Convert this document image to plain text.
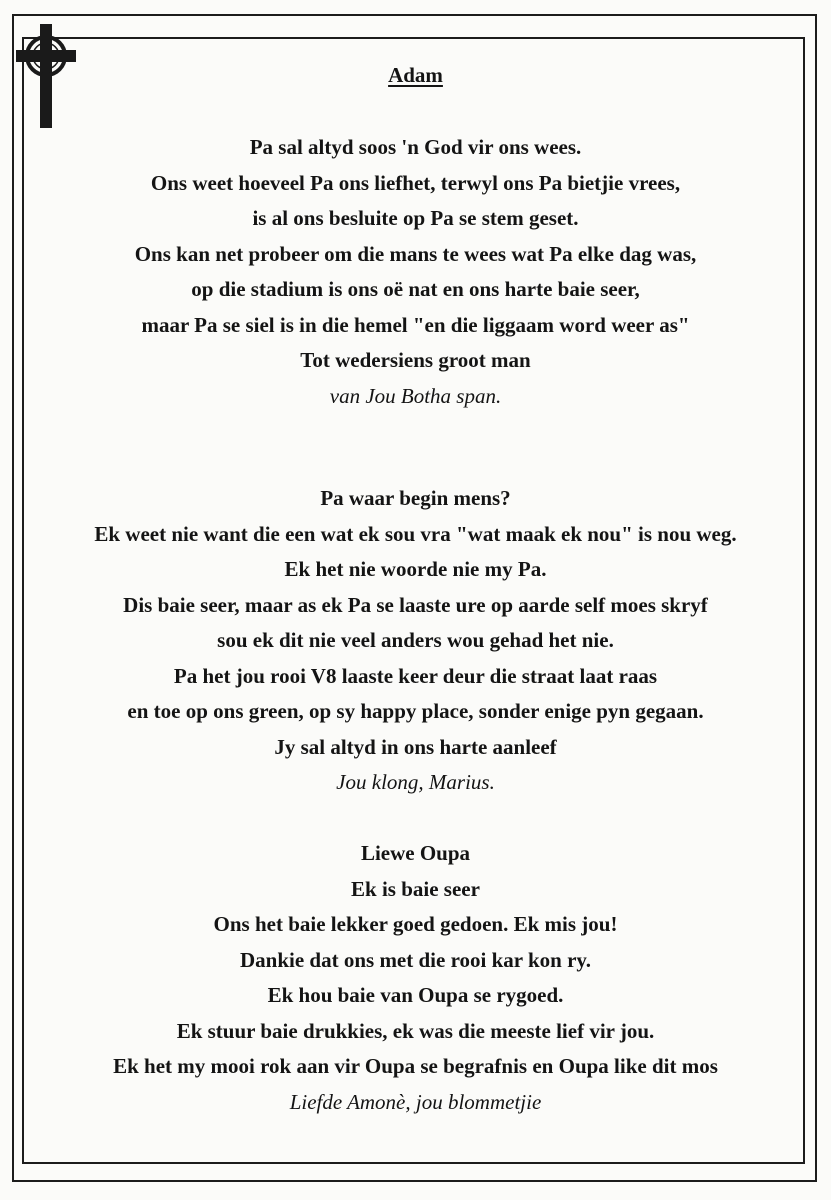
Adam
Pa sal altyd soos 'n God vir ons wees.
Ons weet hoeveel Pa ons liefhet, terwyl ons Pa bietjie vrees,
is al ons besluite op Pa se stem geset.
Ons kan net probeer om die mans te wees wat Pa elke dag was,
op die stadium is ons oë nat en ons harte baie seer,
maar Pa se siel is in die hemel "en die liggaam word weer as"
Tot wedersiens groot man
van Jou Botha span.
Pa waar begin mens?
Ek weet nie want die een wat ek sou vra "wat maak ek nou" is nou weg.
Ek het nie woorde nie my Pa.
Dis baie seer, maar as ek Pa se laaste ure op aarde self moes skryf
sou ek dit nie veel anders wou gehad het nie.
Pa het jou rooi V8 laaste keer deur die straat laat raas
en toe op ons green, op sy happy place, sonder enige pyn gegaan.
Jy sal altyd in ons harte aanleef
Jou klong, Marius.
Liewe Oupa
Ek is baie seer
Ons het baie lekker goed gedoen. Ek mis jou!
Dankie dat ons met die rooi kar kon ry.
Ek hou baie van Oupa se rygoed.
Ek stuur baie drukkies, ek was die meeste lief vir jou.
Ek het my mooi rok aan vir Oupa se begrafnis en Oupa like dit mos
Liefde Amonè, jou blommetjie
